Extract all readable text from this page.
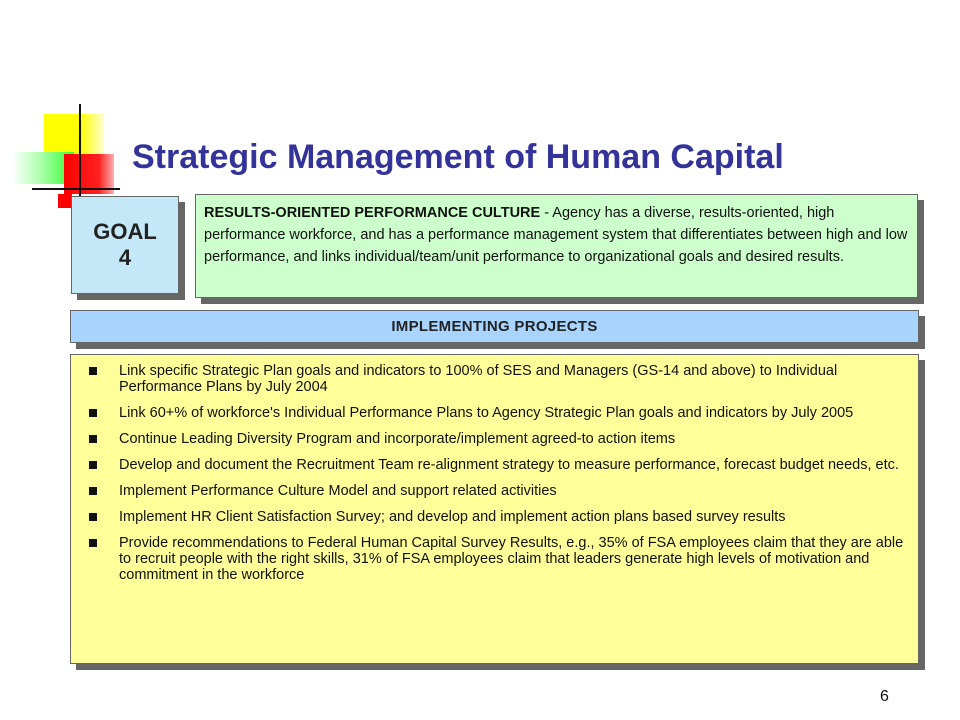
Strategic Management of Human Capital
GOAL
4
RESULTS-ORIENTED PERFORMANCE CULTURE - Agency has a diverse, results-oriented, high performance workforce, and has a performance management system that differentiates between high and low performance, and links individual/team/unit performance to organizational goals and desired results.
IMPLEMENTING PROJECTS
Link specific Strategic Plan goals and indicators to 100% of SES and Managers (GS-14 and above) to Individual Performance Plans by July 2004
Link 60+% of workforce's Individual Performance Plans to Agency Strategic Plan goals and indicators by July 2005
Continue Leading Diversity Program and incorporate/implement agreed-to action items
Develop and document the Recruitment Team re-alignment strategy to measure performance, forecast budget needs, etc.
Implement Performance Culture Model and support related activities
Implement HR Client Satisfaction Survey; and develop and implement action plans based survey results
Provide recommendations to Federal Human Capital Survey Results, e.g., 35% of FSA employees claim that they are able to recruit people with the right skills, 31% of FSA employees claim that leaders generate high levels of motivation and commitment in the workforce
6
